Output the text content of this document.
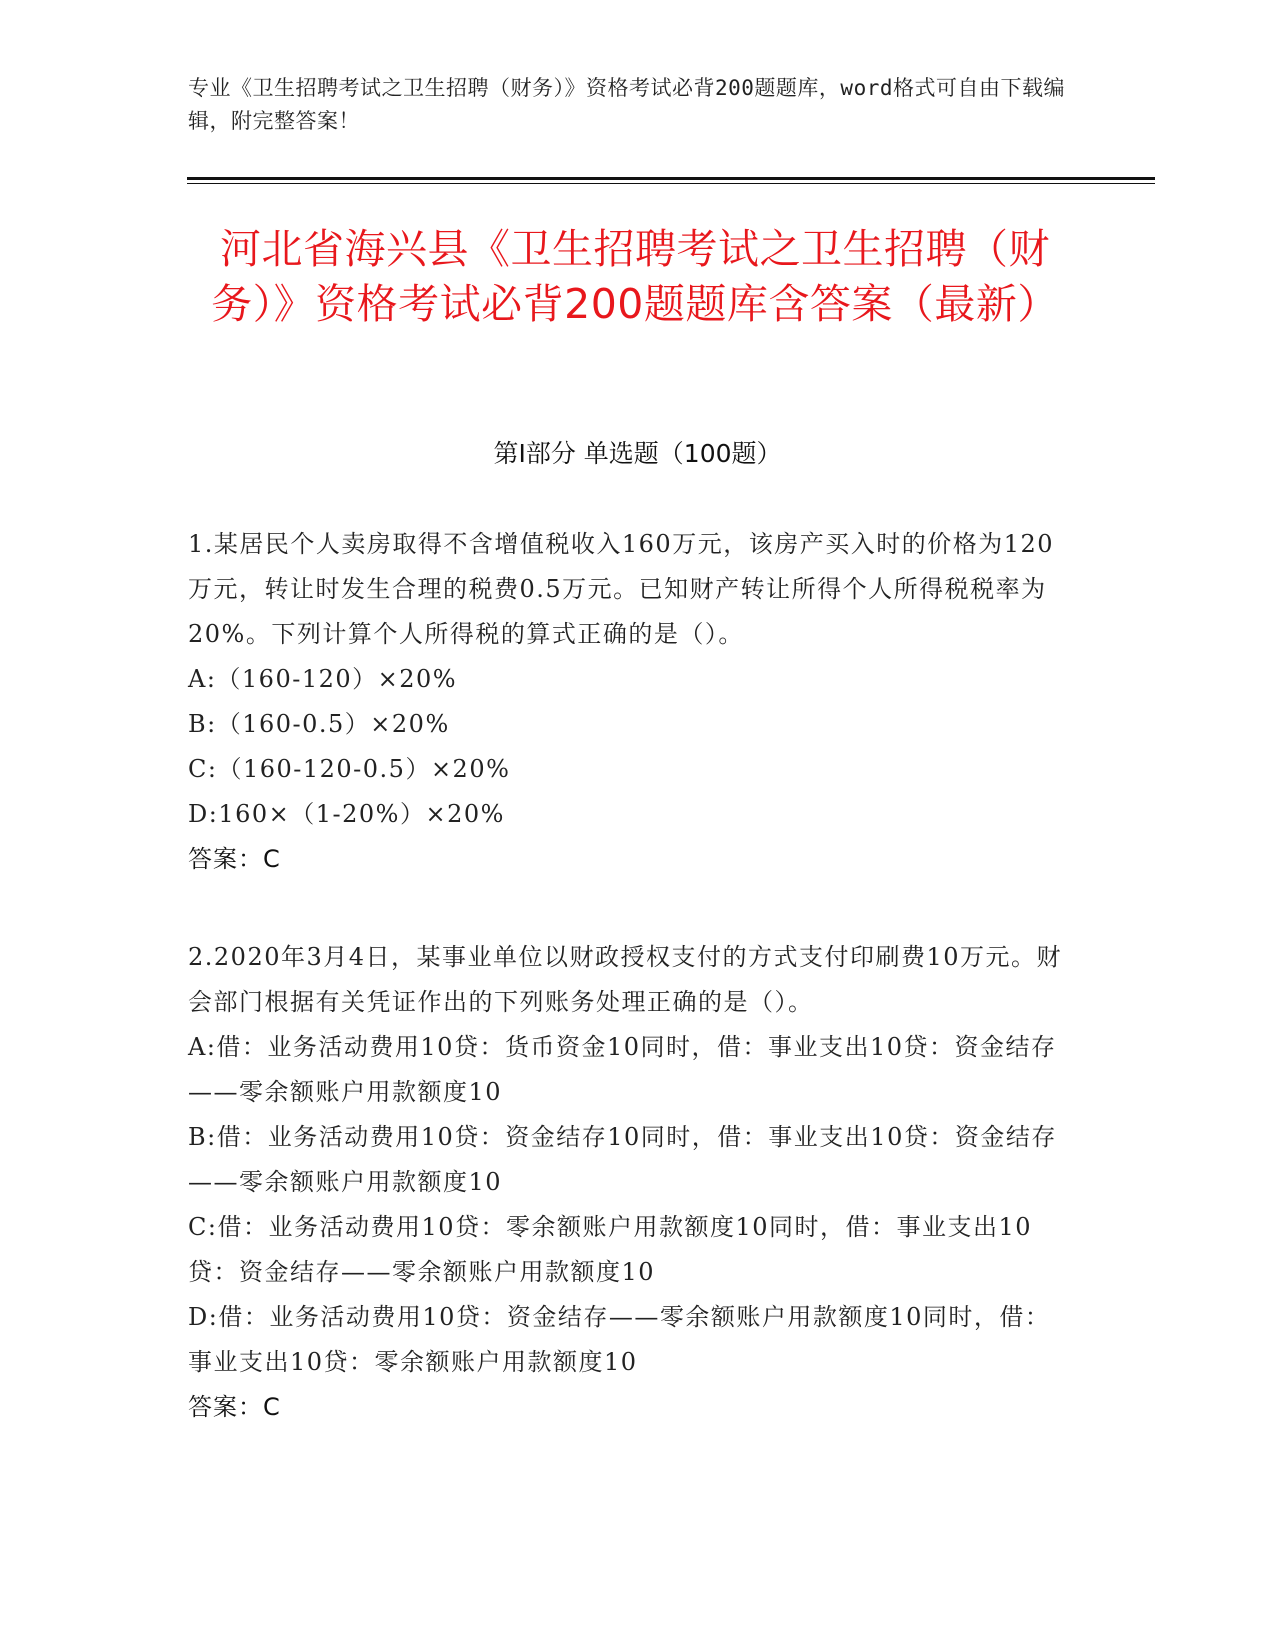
专业《卫生招聘考试之卫生招聘（财务）》资格考试必背200题题库，word格式可自由下载编辑，附完整答案！
河北省海兴县《卫生招聘考试之卫生招聘（财务）》资格考试必背200题题库含答案（最新）
第Ⅰ部分 单选题（100题）

1.某居民个人卖房取得不含增值税收入160万元，该房产买入时的价格为120万元，转让时发生合理的税费0.5万元。已知财产转让所得个人所得税税率为20%。下列计算个人所得税的算式正确的是（）。

A:（160-120）×20%

B:（160-0.5）×20%

C:（160-120-0.5）×20%

D:160×（1-20%）×20%

答案：C

2.2020年3月4日，某事业单位以财政授权支付的方式支付印刷费10万元。财会部门根据有关凭证作出的下列账务处理正确的是（）。

A:借：业务活动费用10贷：货币资金10同时，借：事业支出10贷：资金结存——零余额账户用款额度10

B:借：业务活动费用10贷：资金结存10同时，借：事业支出10贷：资金结存——零余额账户用款额度10

C:借：业务活动费用10贷：零余额账户用款额度10同时，借：事业支出10贷：资金结存——零余额账户用款额度10

D:借：业务活动费用10贷：资金结存——零余额账户用款额度10同时，借：事业支出10贷：零余额账户用款额度10

答案：C
